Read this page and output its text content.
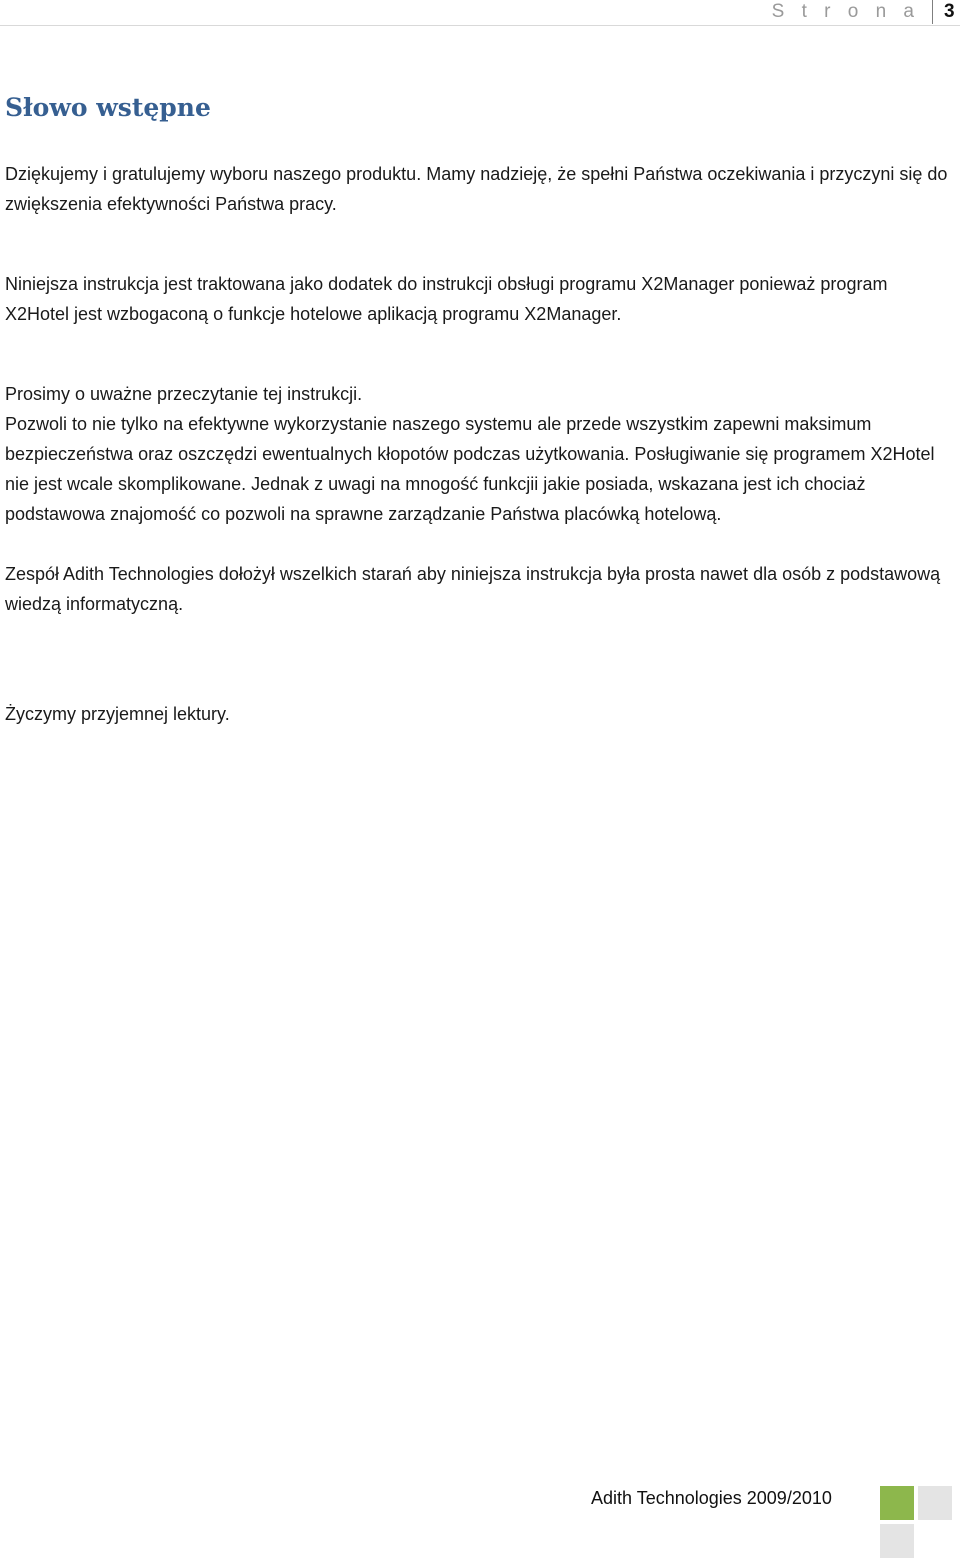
S t r o n a 3
Słowo wstępne

Dziękujemy i gratulujemy wyboru naszego produktu. Mamy nadzieję, że spełni Państwa oczekiwania i przyczyni się do zwiększenia efektywności Państwa pracy.

Niniejsza instrukcja jest traktowana jako dodatek do instrukcji obsługi programu X2Manager ponieważ program X2Hotel jest wzbogaconą o funkcje hotelowe aplikacją programu X2Manager.

Prosimy o uważne przeczytanie tej instrukcji.

Pozwoli to nie tylko na efektywne wykorzystanie naszego systemu ale przede wszystkim zapewni maksimum bezpieczeństwa oraz oszczędzi ewentualnych kłopotów podczas użytkowania. Posługiwanie się programem X2Hotel nie jest wcale skomplikowane. Jednak z uwagi na mnogość funkcjii jakie posiada, wskazana jest ich chociaż podstawowa znajomość co pozwoli na sprawne zarządzanie Państwa placówką hotelową.

Zespół Adith Technologies dołożył wszelkich starań aby niniejsza instrukcja była prosta nawet dla osób z podstawową wiedzą informatyczną.

Życzymy przyjemnej lektury.

Adith Technologies 2009/2010
